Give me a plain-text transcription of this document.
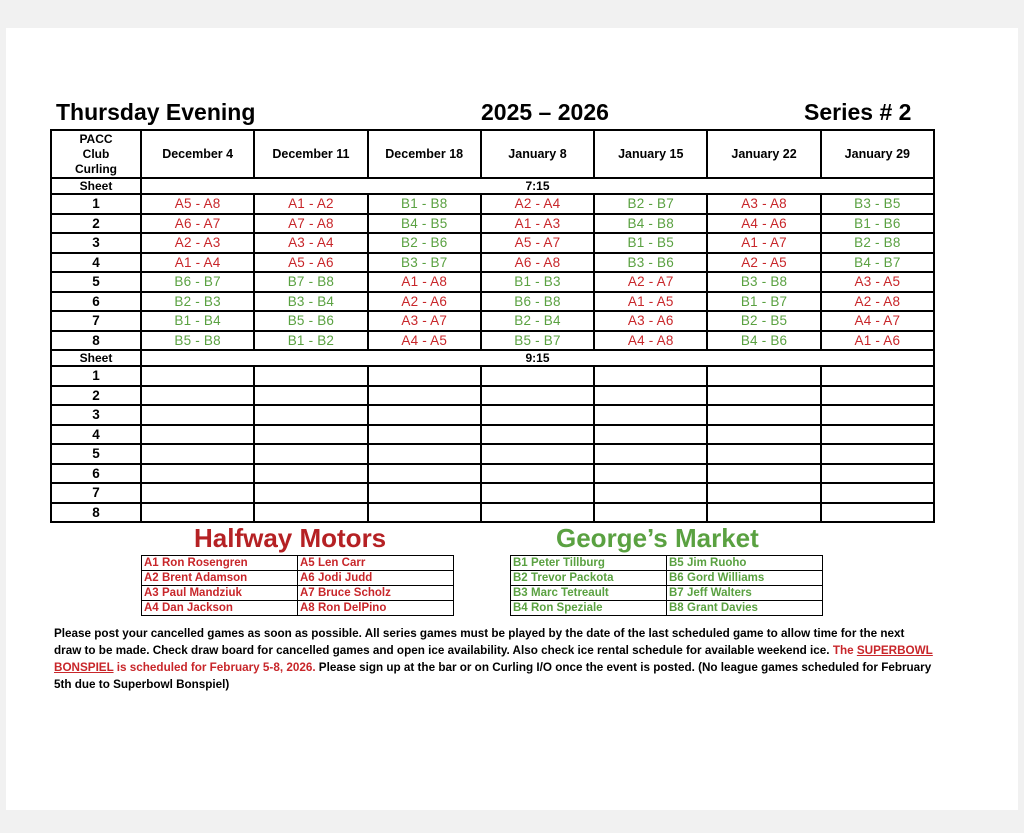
Thursday Evening	2025 – 2026	Series # 2
PACC
Club
Curling	December 4	December 11	December 18	January 8	January 15	January 22	January 29
Sheet	7:15						
1	A5 - A8	A1 - A2	B1 - B8	A2 - A4	B2 - B7	A3 - A8	B3 - B5
2	A6 - A7	A7 - A8	B4 - B5	A1 - A3	B4 - B8	A4 - A6	B1 - B6
3	A2 - A3	A3 - A4	B2 - B6	A5 - A7	B1 - B5	A1 - A7	B2 - B8
4	A1 - A4	A5 - A6	B3 - B7	A6 - A8	B3 - B6	A2 - A5	B4 - B7
5	B6 - B7	B7 - B8	A1 - A8	B1 - B3	A2 - A7	B3 - B8	A3 - A5
6	B2 - B3	B3 - B4	A2 - A6	B6 - B8	A1 - A5	B1 - B7	A2 - A8
7	B1 - B4	B5 - B6	A3 - A7	B2 - B4	A3 - A6	B2 - B5	A4 - A7
8	B5 - B8	B1 - B2	A4 - A5	B5 - B7	A4 - A8	B4 - B6	A1 - A6
Sheet	9:15						
1							
2							
3							
4							
5							
6							
7							
8							
Halfway Motors	George’s Market
A1	Ron Rosengren	A5	Len Carr
A2	Brent Adamson	A6	Jodi Judd
A3	Paul Mandziuk	A7	Bruce Scholz
A4	Dan Jackson	A8	Ron DelPino
B1	Peter Tillburg	B5	Jim Ruoho
B2	Trevor Packota	B6	Gord Williams
B3	Marc Tetreault	B7	Jeff Walters
B4	Ron Speziale	B8	Grant Davies
Please post your cancelled games as soon as possible. All series games must be played by the date of the last scheduled game to allow time for the next draw to be made. Check draw board for cancelled games and open ice availability. Also check ice rental schedule for available weekend ice. The SUPERBOWL BONSPIEL is scheduled for February 5-8, 2026. Please sign up at the bar or on Curling I/O once the event is posted. (No league games scheduled for February 5th due to Superbowl Bonspiel)
